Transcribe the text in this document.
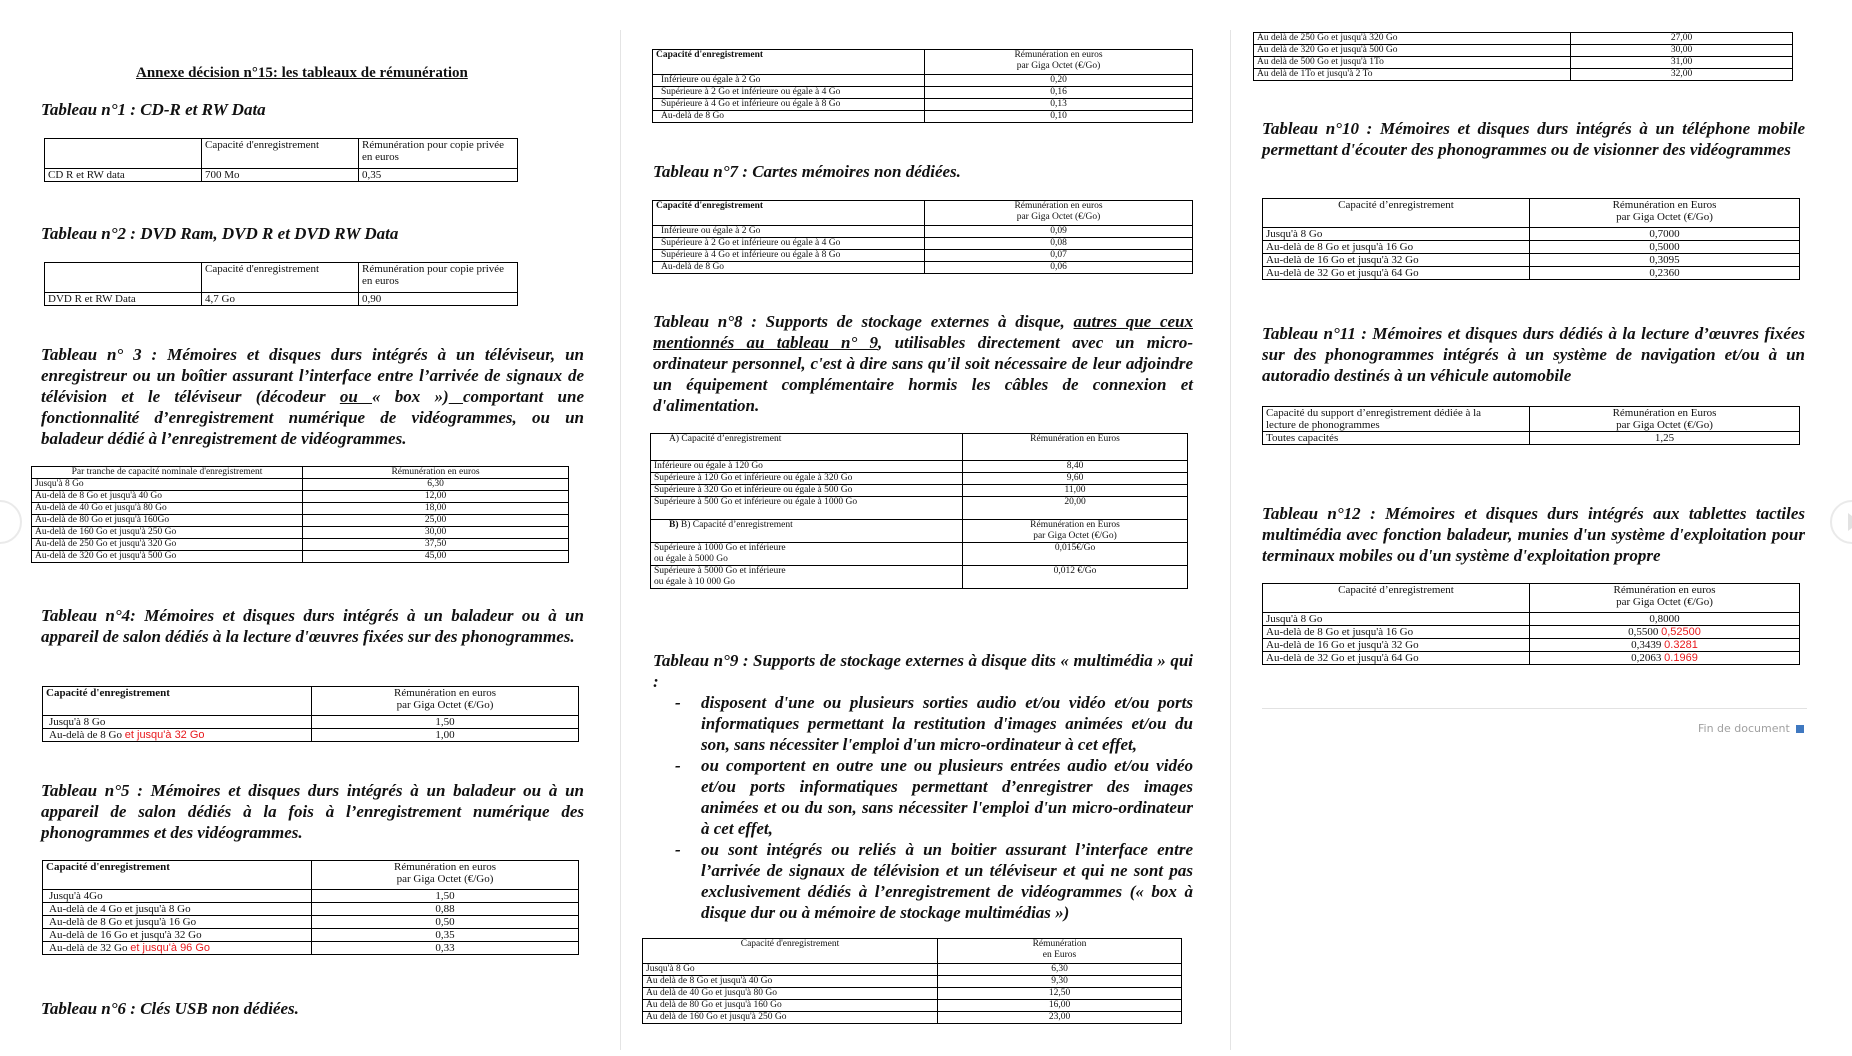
Annexe décision n°15: les tableaux de rémunération
Tableau n°1 : CD-R et RW Data
	Capacité d'enregistrement	Rémunération pour copie privée en euros
CD R et RW data	700 Mo	0,35
Tableau n°2 : DVD Ram, DVD R et DVD RW Data
	Capacité d'enregistrement	Rémunération pour copie privée en euros
DVD R et RW Data	4,7 Go	0,90
Tableau n° 3 : Mémoires et disques durs intégrés à un téléviseur, un enregistreur ou un boîtier assurant l’interface entre l’arrivée de signaux de télévision et le téléviseur (décodeur ou « box ») comportant une fonctionnalité d’enregistrement numérique de vidéogrammes, ou un baladeur dédié à l’enregistrement de vidéogrammes.
Par tranche de capacité nominale d'enregistrement	Rémunération en euros
Jusqu'à 8 Go	6,30
Au-delà de 8 Go et jusqu'à 40 Go	12,00
Au-delà de 40 Go et jusqu'à 80 Go	18,00
Au-delà de 80 Go et jusqu'à 160Go	25,00
Au-delà de 160 Go et jusqu'à 250 Go	30,00
Au-delà de 250 Go et jusqu'à 320 Go	37,50
Au-delà de 320 Go et jusqu'à 500 Go	45,00
Tableau n°4: Mémoires et disques durs intégrés à un baladeur ou à un appareil de salon dédiés à la lecture d'œuvres fixées sur des phonogrammes.
Capacité d'enregistrement	Rémunération en euros
par Giga Octet (€/Go)

Jusqu'à 8 Go	1,50
Au-delà de 8 Go et jusqu'à 32 Go	1,00
Tableau n°5 : Mémoires et disques durs intégrés à un baladeur ou à un appareil de salon dédiés à la fois à l’enregistrement numérique des phonogrammes et des vidéogrammes.
Capacité d'enregistrement	Rémunération en euros
par Giga Octet (€/Go)

Jusqu'à 4Go	1,50
Au-delà de 4 Go et jusqu'à 8 Go	0,88
Au-delà de 8 Go et jusqu'à 16 Go	0,50
Au-delà de 16 Go et jusqu'à 32 Go	0,35
Au-delà de 32 Go et jusqu'à 96 Go	0,33
Tableau n°6 : Clés USB non dédiées.
Capacité d'enregistrement	Rémunération en euros
par Giga Octet (€/Go)

Inférieure ou égale à 2 Go	0,20
Supérieure à 2 Go et inférieure ou égale à 4 Go	0,16
Supérieure à 4 Go et inférieure ou égale à 8 Go	0,13
Au-delà de 8 Go	0,10
Tableau n°7 : Cartes mémoires non dédiées.
Capacité d'enregistrement	Rémunération en euros
par Giga Octet (€/Go)

Inférieure ou égale à 2 Go	0,09
Supérieure à 2 Go et inférieure ou égale à 4 Go	0,08
Supérieure à 4 Go et inférieure ou égale à 8 Go	0,07
Au-delà de 8 Go	0,06
Tableau n°8 : Supports de stockage externes à disque, autres que ceux mentionnés au tableau n° 9, utilisables directement avec un micro-ordinateur personnel, c'est à dire sans qu'il soit nécessaire de leur adjoindre un équipement complémentaire hormis les câbles de connexion et d'alimentation.
A) Capacité d’enregistrement	Rémunération en Euros
Inférieure ou égale à 120 Go	8,40
Supérieure à 120 Go et inférieure ou égale à 320 Go	9,60
Supérieure à 320 Go et inférieure ou égale à 500 Go	11,00
Supérieure à 500 Go et inférieure ou égale à 1000 Go	20,00
B) B) Capacité d’enregistrement	Rémunération en Euros
par Giga Octet (€/Go)

Supérieure à 1000 Go et inférieure
ou égale à 5000 Go	0,015€/Go

Supérieure à 5000 Go et inférieure
ou égale à 10 000 Go	0,012 €/Go
Tableau n°9 : Supports de stockage externes à disque dits « multimédia » qui :
- disposent d'une ou plusieurs sorties audio et/ou vidéo et/ou ports informatiques permettant la restitution d'images animées et/ou du son, sans nécessiter l'emploi d'un micro-ordinateur à cet effet,
- ou comportent en outre une ou plusieurs entrées audio et/ou vidéo et/ou ports informatiques permettant d’enregistrer des images animées et ou du son, sans nécessiter l'emploi d'un micro-ordinateur à cet effet,
- ou sont intégrés ou reliés à un boitier assurant l’interface entre l’arrivée de signaux de télévision et un téléviseur et qui ne sont pas exclusivement dédiés à l’enregistrement de vidéogrammes (« box à disque dur ou à mémoire de stockage multimédias »)
Capacité d'enregistrement	Rémunération
en Euros

Jusqu'à 8 Go	6,30
Au delà de 8 Go et jusqu'à 40 Go	9,30
Au delà de 40 Go et jusqu'à 80 Go	12,50
Au delà de 80 Go et jusqu'à 160 Go	16,00
Au delà de 160 Go et jusqu'à 250 Go	23,00
Au delà de 250 Go et jusqu'à 320 Go	27,00
Au delà de 320 Go et jusqu'à 500 Go	30,00
Au delà de 500 Go et jusqu'à 1To	31,00
Au delà de 1To et jusqu'à 2 To	32,00
Tableau n°10 : Mémoires et disques durs intégrés à un téléphone mobile permettant d'écouter des phonogrammes ou de visionner des vidéogrammes
Capacité d’enregistrement	Rémunération en Euros
par Giga Octet (€/Go)

Jusqu'à 8 Go	0,7000
Au-delà de 8 Go et jusqu'à 16 Go	0,5000
Au-delà de 16 Go et jusqu'à 32 Go	0,3095
Au-delà de 32 Go et jusqu'à 64 Go	0,2360
Tableau n°11 : Mémoires et disques durs dédiés à la lecture d’œuvres fixées sur des phonogrammes intégrés à un système de navigation et/ou à un autoradio destinés à un véhicule automobile
Capacité du support d’enregistrement dédiée à la
lecture de phonogrammes

Rémunération en Euros
par Giga Octet (€/Go)

Toutes capacités	1,25
Tableau n°12 : Mémoires et disques durs intégrés aux tablettes tactiles multimédia avec fonction baladeur, munies d'un système d'exploitation pour terminaux mobiles ou d'un système d'exploitation propre
Capacité d’enregistrement	Rémunération en euros
par Giga Octet (€/Go)

Jusqu'à 8 Go	0,8000
Au-delà de 8 Go et jusqu'à 16 Go	0,5500 0,52500
Au-delà de 16 Go et jusqu'à 32 Go	0,3439 0.3281
Au-delà de 32 Go et jusqu'à 64 Go	0,2063 0.1969
Fin de document
